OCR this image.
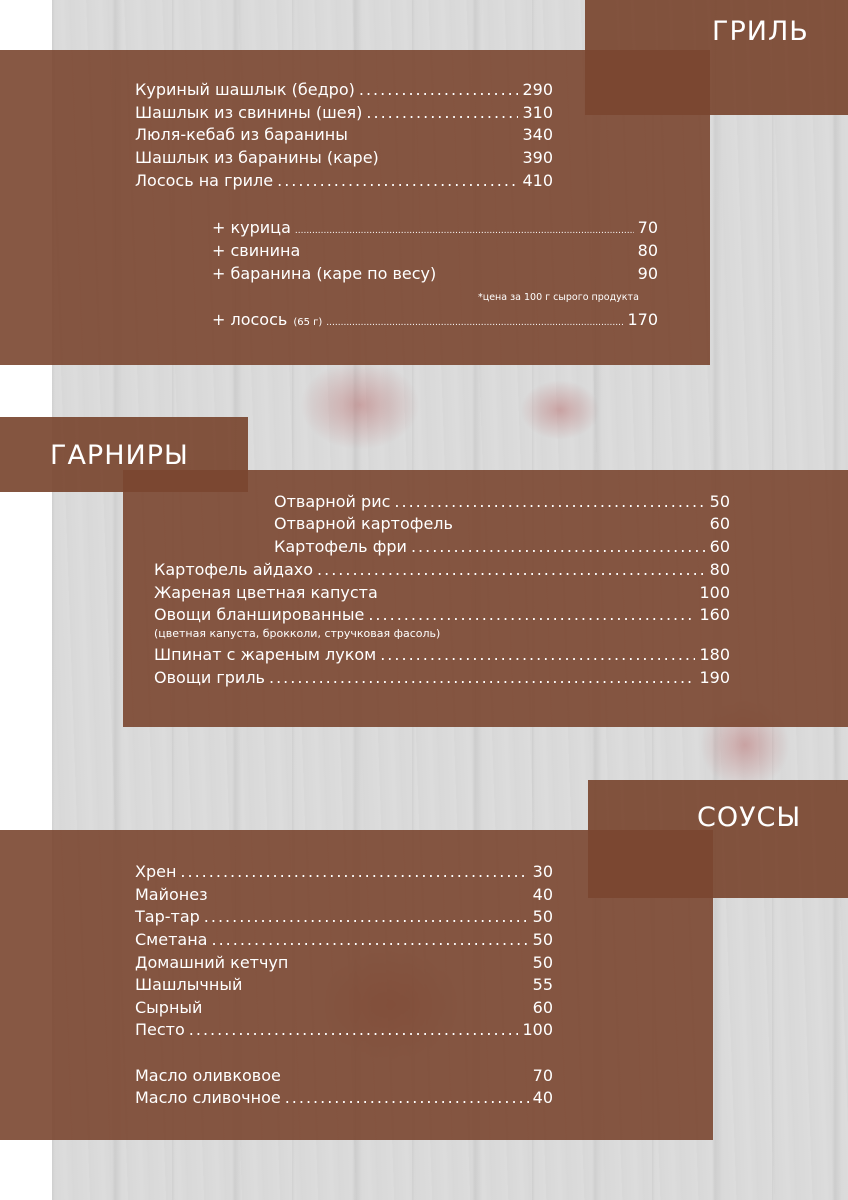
ГРИЛЬ
Куриный шашлык (бедро) .....	290
Шашлык из свинины (шея) .....	310
Люля-кебаб из баранины	340
Шашлык из баранины (каре)	390
Лосось на гриле .....	410
+ курица .....	70
+ свинина	80
+ баранина (каре по весу)	90
*цена за 100 г сырого продукта
+ лосось (65 г) .....	170
ГАРНИРЫ
Отварной рис .....	50
Отварной картофель	60
Картофель фри .....	60
Картофель айдахо .....	80
Жареная цветная капуста	100
Овощи бланшированные .....	160
(цветная капуста, брокколи, стручковая фасоль)
Шпинат с жареным луком .....	180
Овощи гриль .....	190
СОУСЫ
Хрен .....	30
Майонез	40
Тар-тар .....	50
Сметана .....	50
Домашний кетчуп	50
Шашлычный	55
Сырный	60
Песто .....	100
Масло оливковое	70
Масло сливочное .....	40
